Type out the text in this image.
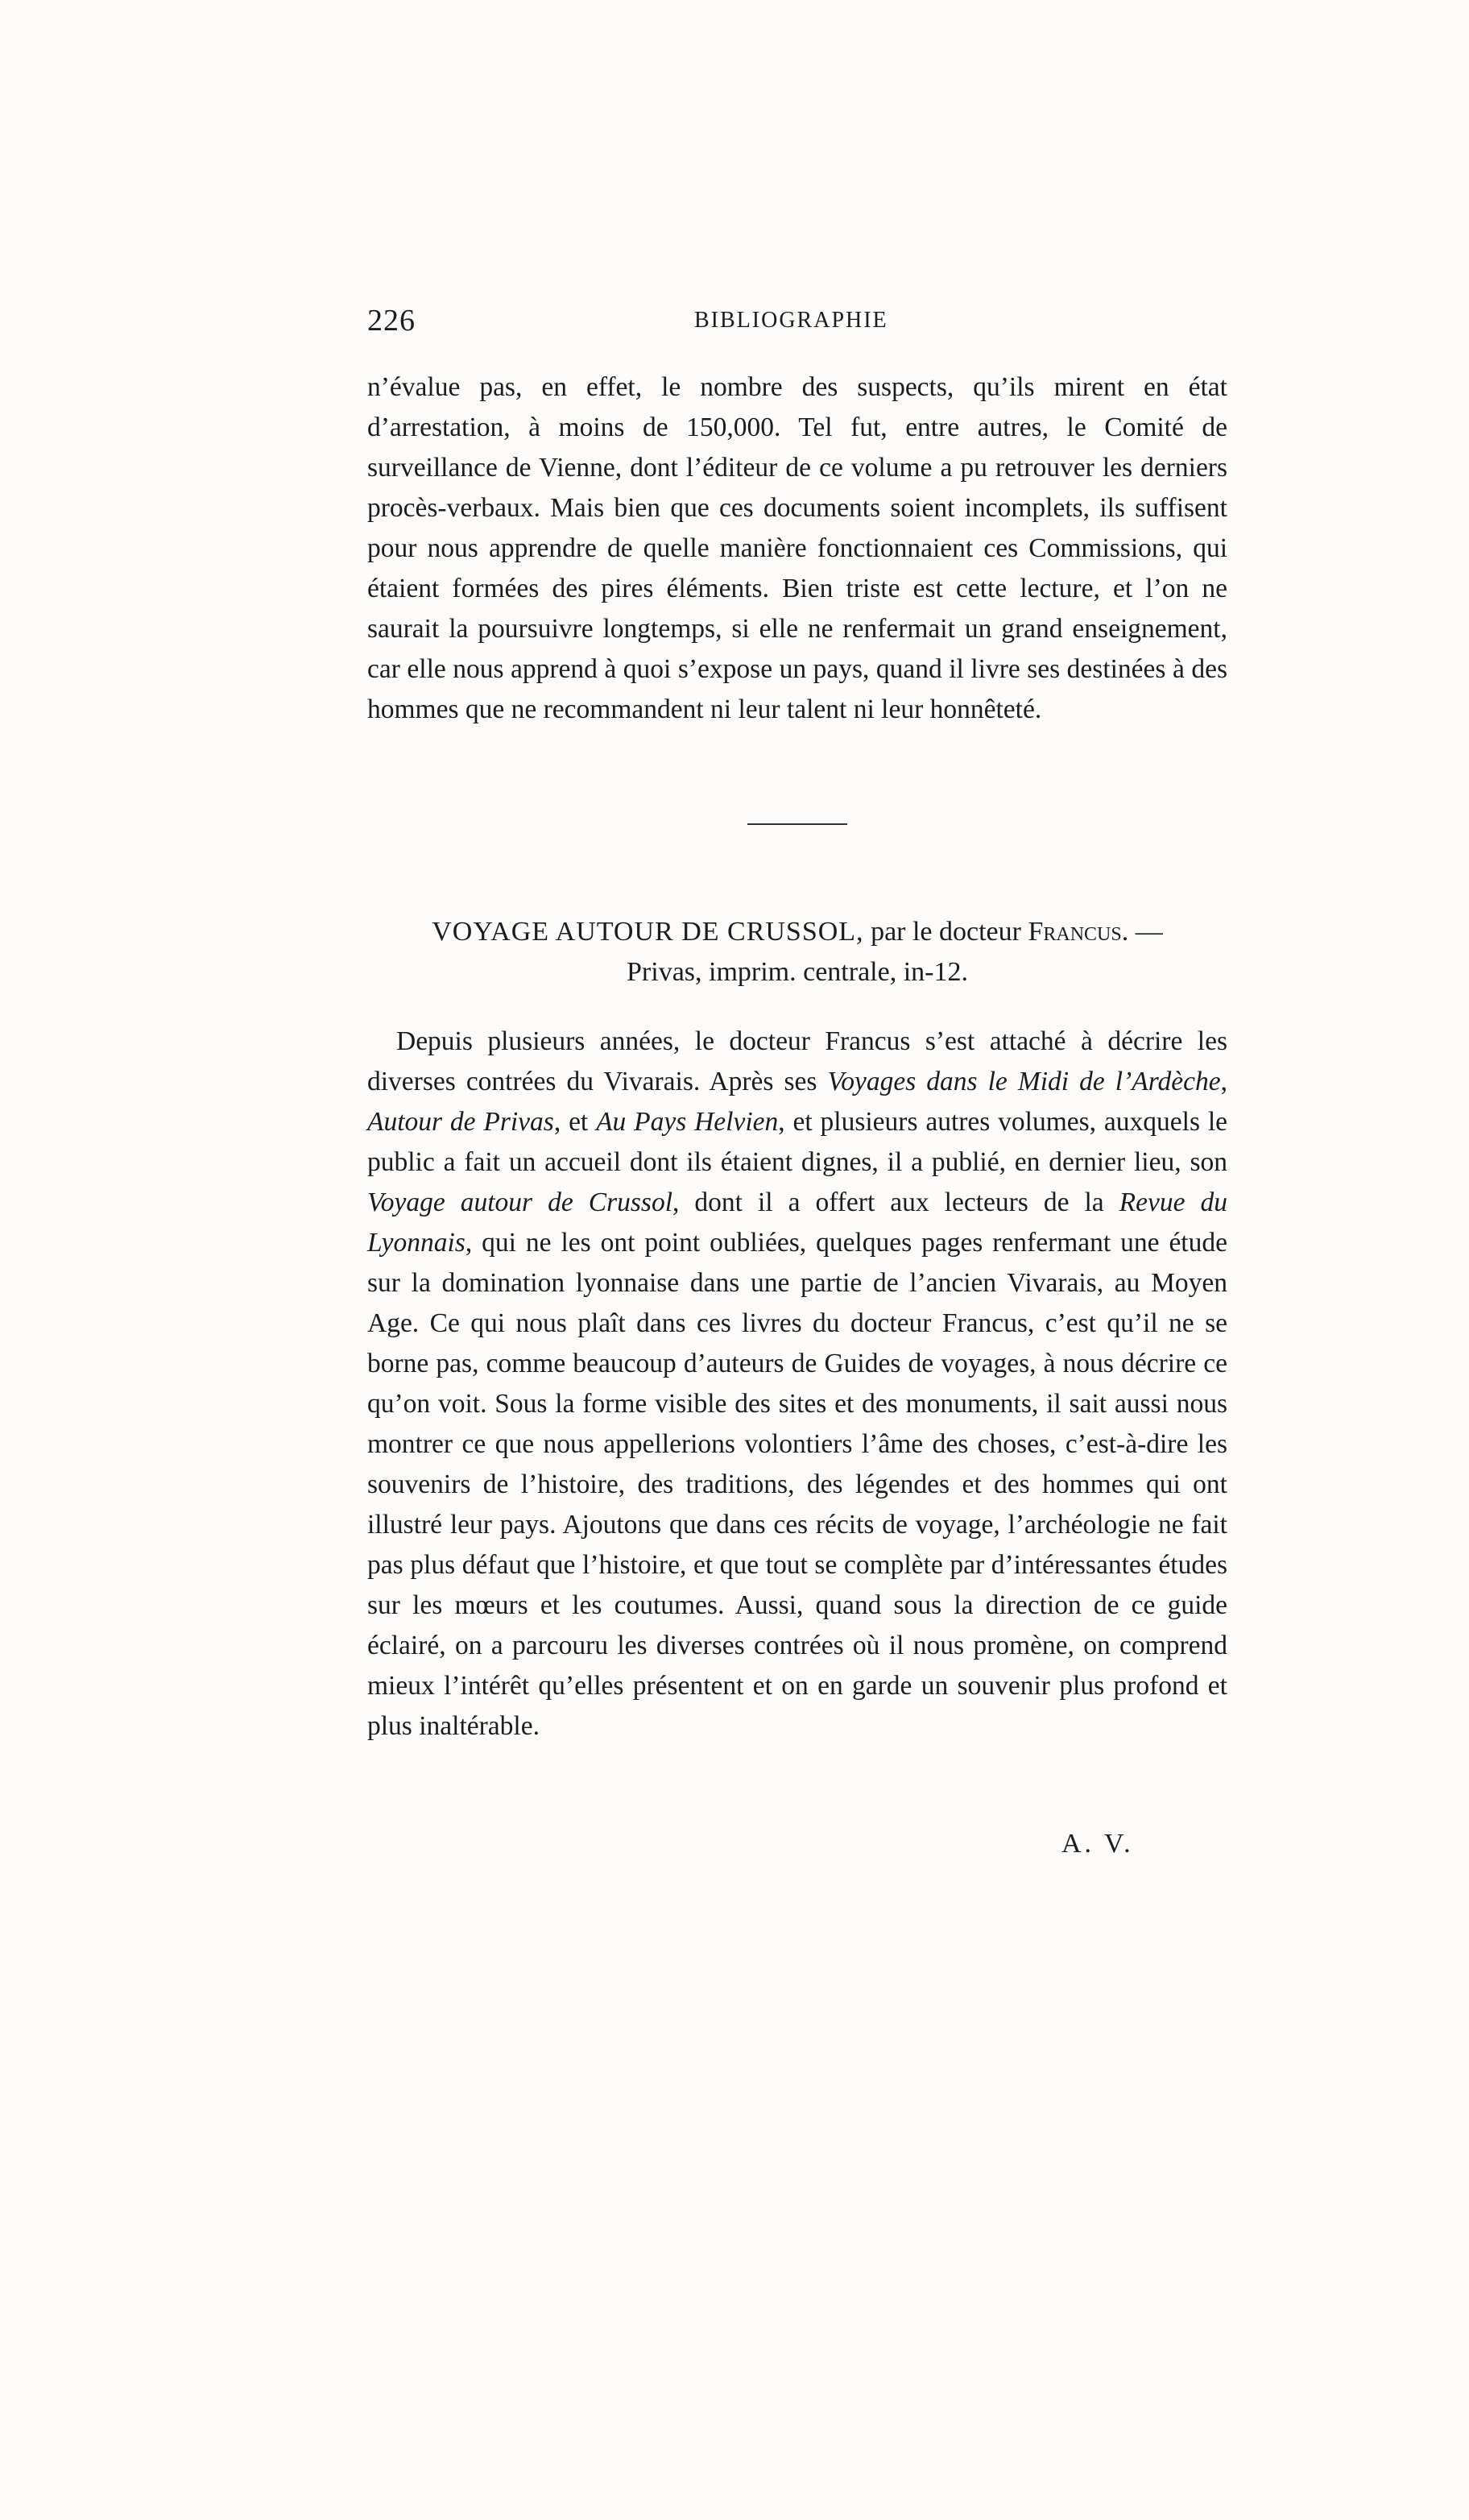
226	BIBLIOGRAPHIE

n’évalue pas, en effet, le nombre des suspects, qu’ils mirent en état d’arrestation, à moins de 150,000. Tel fut, entre autres, le Comité de surveillance de Vienne, dont l’éditeur de ce volume a pu retrouver les derniers procès-verbaux. Mais bien que ces documents soient incomplets, ils suffisent pour nous apprendre de quelle manière fonctionnaient ces Commissions, qui étaient formées des pires éléments. Bien triste est cette lecture, et l’on ne saurait la poursuivre longtemps, si elle ne renfermait un grand enseignement, car elle nous apprend à quoi s’expose un pays, quand il livre ses destinées à des hommes que ne recommandent ni leur talent ni leur honnêteté.

VOYAGE AUTOUR DE CRUSSOL, par le docteur Francus. —
Privas, imprim. centrale, in-12.

Depuis plusieurs années, le docteur Francus s’est attaché à décrire les diverses contrées du Vivarais. Après ses Voyages dans le Midi de l’Ardèche, Autour de Privas, et Au Pays Helvien, et plusieurs autres volumes, auxquels le public a fait un accueil dont ils étaient dignes, il a publié, en dernier lieu, son Voyage autour de Crussol, dont il a offert aux lecteurs de la Revue du Lyonnais, qui ne les ont point oubliées, quelques pages renfermant une étude sur la domination lyonnaise dans une partie de l’ancien Vivarais, au Moyen Age. Ce qui nous plaît dans ces livres du docteur Francus, c’est qu’il ne se borne pas, comme beaucoup d’auteurs de Guides de voyages, à nous décrire ce qu’on voit. Sous la forme visible des sites et des monuments, il sait aussi nous montrer ce que nous appellerions volontiers l’âme des choses, c’est-à-dire les souvenirs de l’histoire, des traditions, des légendes et des hommes qui ont illustré leur pays. Ajoutons que dans ces récits de voyage, l’archéologie ne fait pas plus défaut que l’histoire, et que tout se complète par d’intéressantes études sur les mœurs et les coutumes. Aussi, quand sous la direction de ce guide éclairé, on a parcouru les diverses contrées où il nous promène, on comprend mieux l’intérêt qu’elles présentent et on en garde un souvenir plus profond et plus inaltérable.

A. V.
